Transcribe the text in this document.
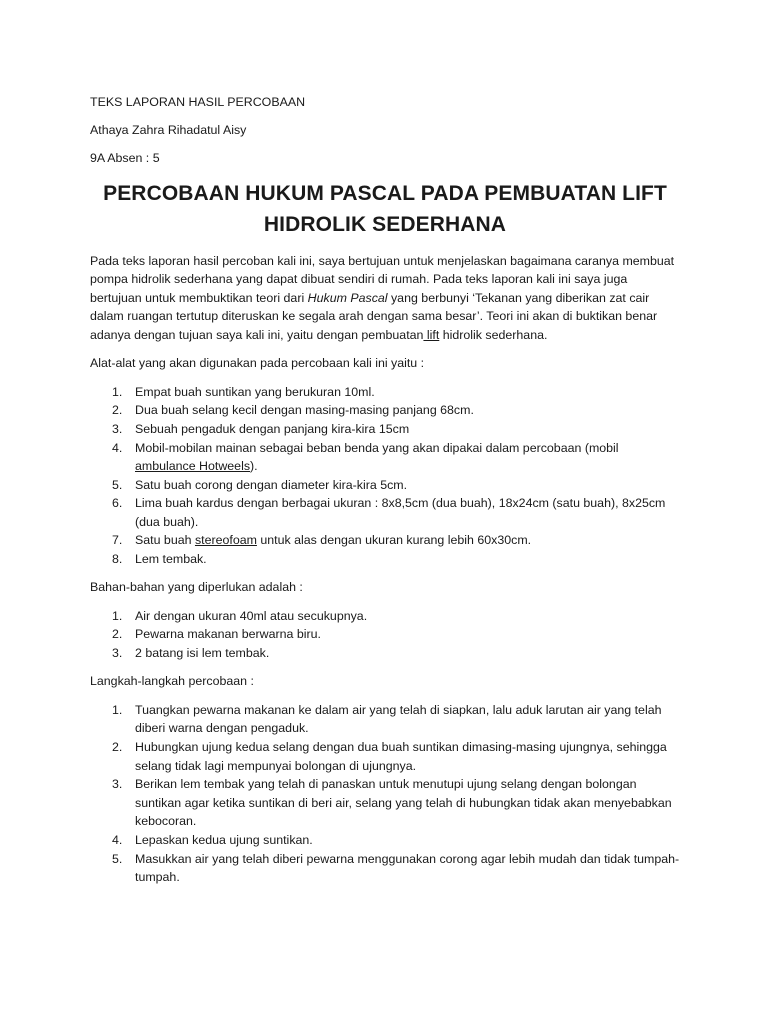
TEKS LAPORAN HASIL PERCOBAAN

Athaya Zahra Rihadatul Aisy

9A Absen : 5

PERCOBAAN HUKUM PASCAL PADA PEMBUATAN LIFT
HIDROLIK SEDERHANA

Pada teks laporan hasil percoban kali ini, saya bertujuan untuk menjelaskan bagaimana caranya membuat pompa hidrolik sederhana yang dapat dibuat sendiri di rumah. Pada teks laporan kali ini saya juga bertujuan untuk membuktikan teori dari Hukum Pascal yang berbunyi ‘Tekanan yang diberikan zat cair dalam ruangan tertutup diteruskan ke segala arah dengan sama besar’. Teori ini akan di buktikan benar adanya dengan tujuan saya kali ini, yaitu dengan pembuatan lift hidrolik sederhana.

Alat-alat yang akan digunakan pada percobaan kali ini yaitu :

1. Empat buah suntikan yang berukuran 10ml.
2. Dua buah selang kecil dengan masing-masing panjang 68cm.
3. Sebuah pengaduk dengan panjang kira-kira 15cm
4. Mobil-mobilan mainan sebagai beban benda yang akan dipakai dalam percobaan (mobil ambulance Hotweels).
5. Satu buah corong dengan diameter kira-kira 5cm.
6. Lima buah kardus dengan berbagai ukuran : 8x8,5cm (dua buah), 18x24cm (satu buah), 8x25cm (dua buah).
7. Satu buah stereofoam untuk alas dengan ukuran kurang lebih 60x30cm.
8. Lem tembak.

Bahan-bahan yang diperlukan adalah :

1. Air dengan ukuran 40ml atau secukupnya.
2. Pewarna makanan berwarna biru.
3. 2 batang isi lem tembak.

Langkah-langkah percobaan :

1. Tuangkan pewarna makanan ke dalam air yang telah di siapkan, lalu aduk larutan air yang telah diberi warna dengan pengaduk.
2. Hubungkan ujung kedua selang dengan dua buah suntikan dimasing-masing ujungnya, sehingga selang tidak lagi mempunyai bolongan di ujungnya.
3. Berikan lem tembak yang telah di panaskan untuk menutupi ujung selang dengan bolongan suntikan agar ketika suntikan di beri air, selang yang telah di hubungkan tidak akan menyebabkan kebocoran.
4. Lepaskan kedua ujung suntikan.
5. Masukkan air yang telah diberi pewarna menggunakan corong agar lebih mudah dan tidak tumpah-tumpah.
